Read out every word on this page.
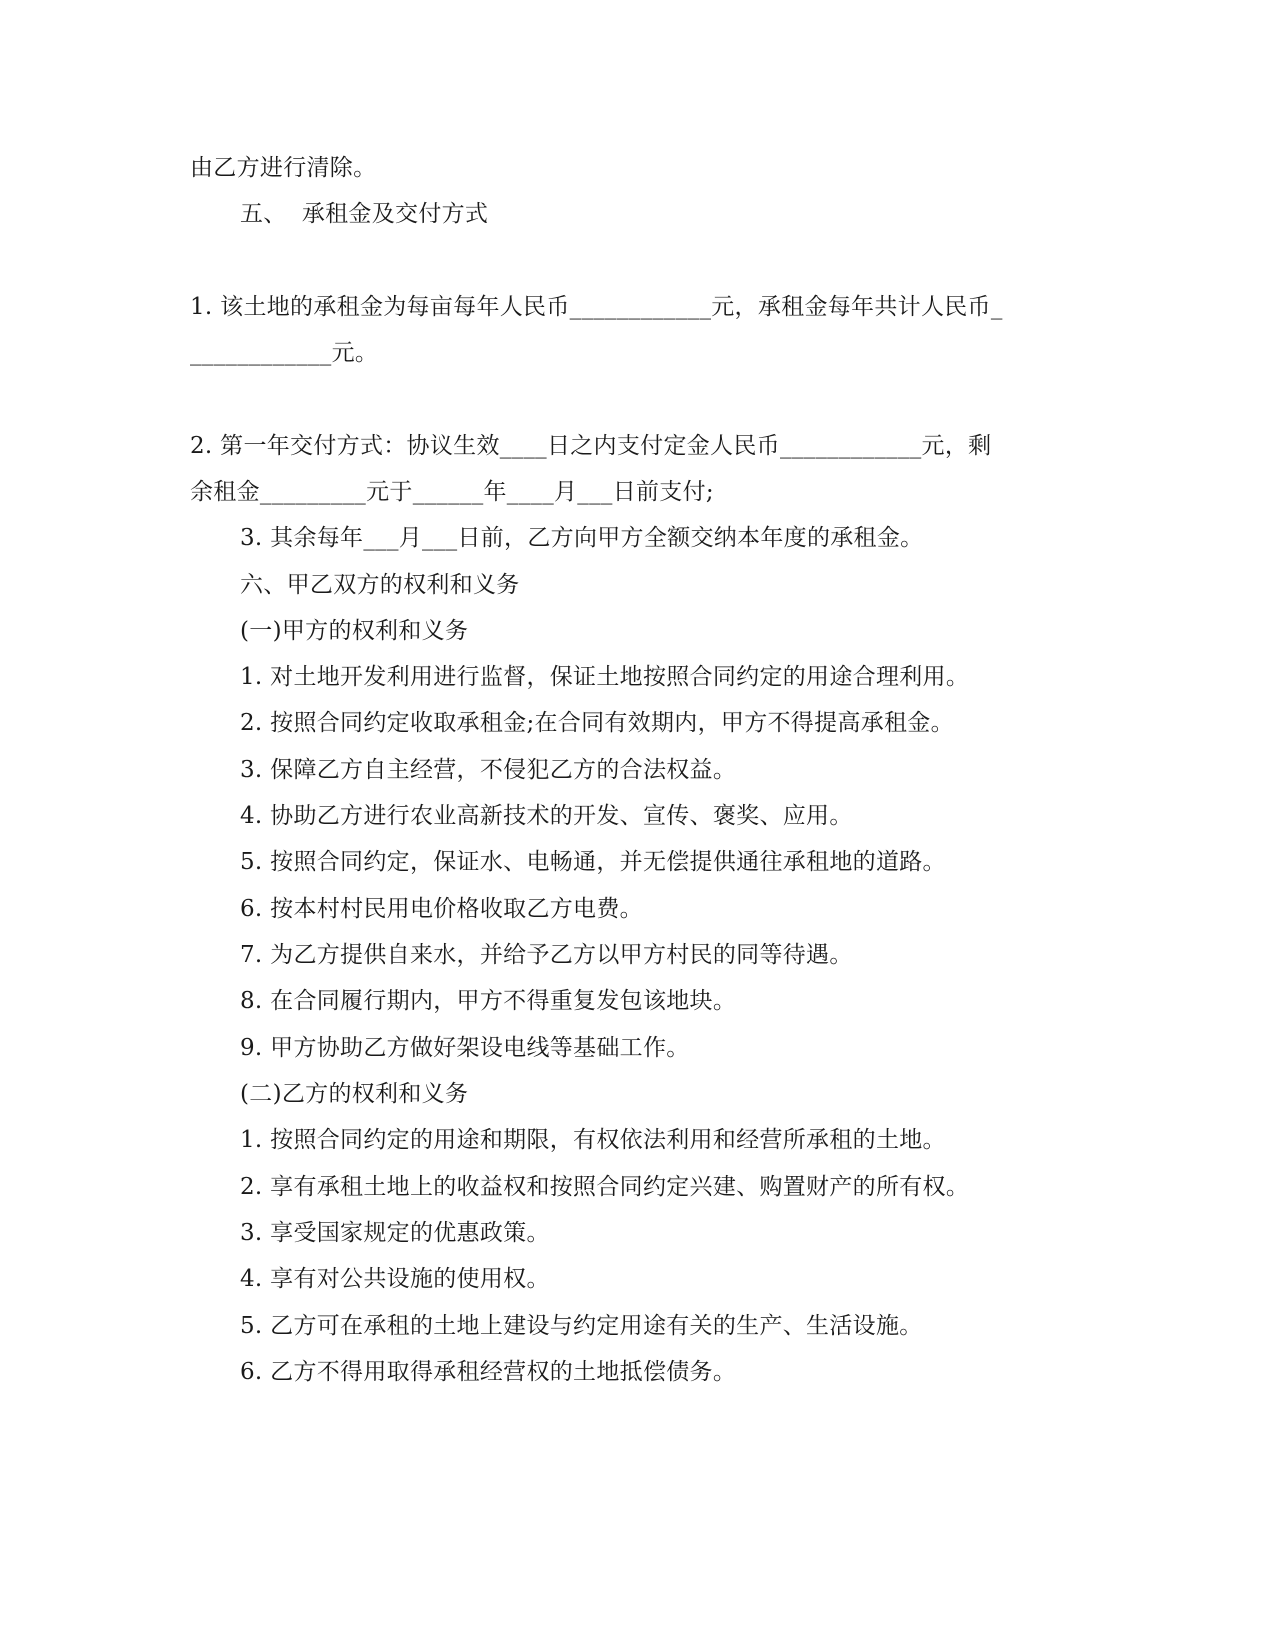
由乙方进行清除。
五、  承租金及交付方式
1. 该土地的承租金为每亩每年人民币____________元，承租金每年共计人民币_
____________元。
2. 第一年交付方式：协议生效____日之内支付定金人民币____________元，剩
余租金_________元于______年____月___日前支付;
3. 其余每年___月___日前，乙方向甲方全额交纳本年度的承租金。
六、甲乙双方的权利和义务
(一)甲方的权利和义务
1. 对土地开发利用进行监督，保证土地按照合同约定的用途合理利用。
2. 按照合同约定收取承租金;在合同有效期内，甲方不得提高承租金。
3. 保障乙方自主经营，不侵犯乙方的合法权益。
4. 协助乙方进行农业高新技术的开发、宣传、褒奖、应用。
5. 按照合同约定，保证水、电畅通，并无偿提供通往承租地的道路。
6. 按本村村民用电价格收取乙方电费。
7. 为乙方提供自来水，并给予乙方以甲方村民的同等待遇。
8. 在合同履行期内，甲方不得重复发包该地块。
9. 甲方协助乙方做好架设电线等基础工作。
(二)乙方的权利和义务
1. 按照合同约定的用途和期限，有权依法利用和经营所承租的土地。
2. 享有承租土地上的收益权和按照合同约定兴建、购置财产的所有权。
3. 享受国家规定的优惠政策。
4. 享有对公共设施的使用权。
5. 乙方可在承租的土地上建设与约定用途有关的生产、生活设施。
6. 乙方不得用取得承租经营权的土地抵偿债务。
